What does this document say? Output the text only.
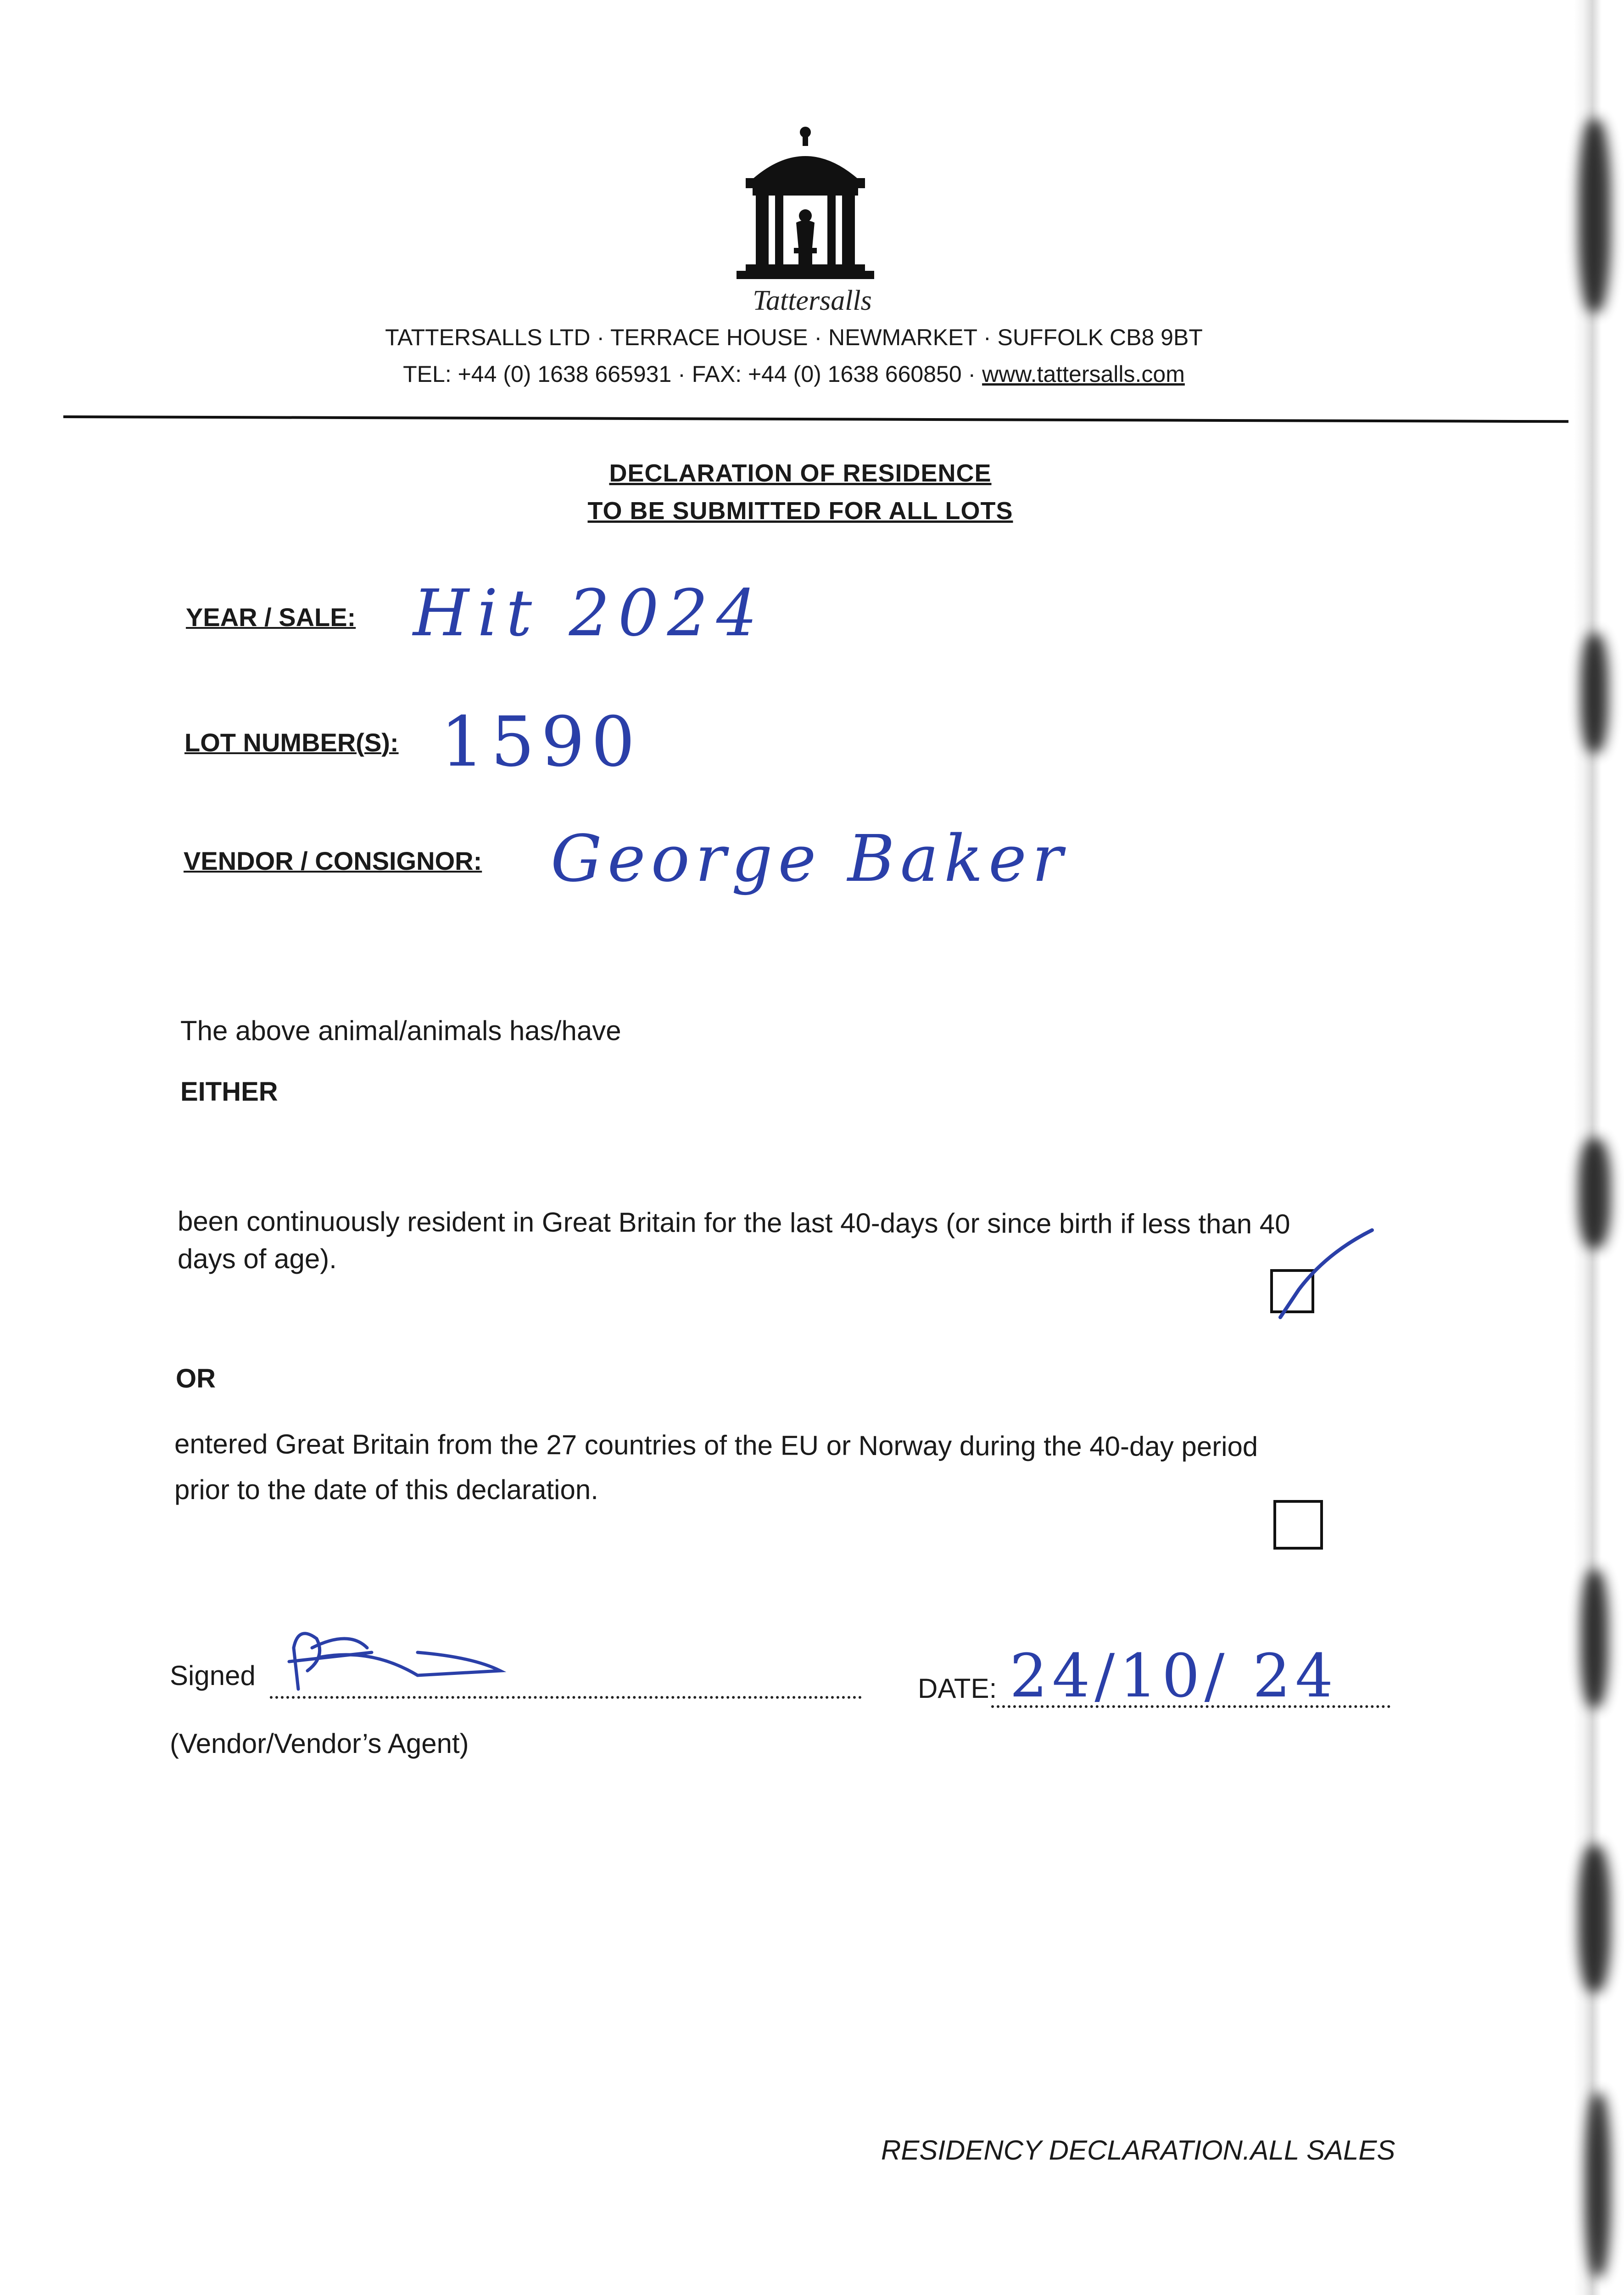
Tattersalls
TATTERSALLS LTD · TERRACE HOUSE · NEWMARKET · SUFFOLK CB8 9BT
TEL: +44 (0) 1638 665931 · FAX: +44 (0) 1638 660850 · www.tattersalls.com
DECLARATION OF RESIDENCE
TO BE SUBMITTED FOR ALL LOTS
YEAR / SALE: Hit 2024
LOT NUMBER(S): 1590
VENDOR / CONSIGNOR: George Baker
The above animal/animals has/have
EITHER
been continuously resident in Great Britain for the last 40-days (or since birth if less than 40
days of age).
OR
entered Great Britain from the 27 countries of the EU or Norway during the 40-day period
prior to the date of this declaration.
Signed
(Vendor/Vendor’s Agent)
DATE: 24/10/ 24
RESIDENCY DECLARATION.ALL SALES
